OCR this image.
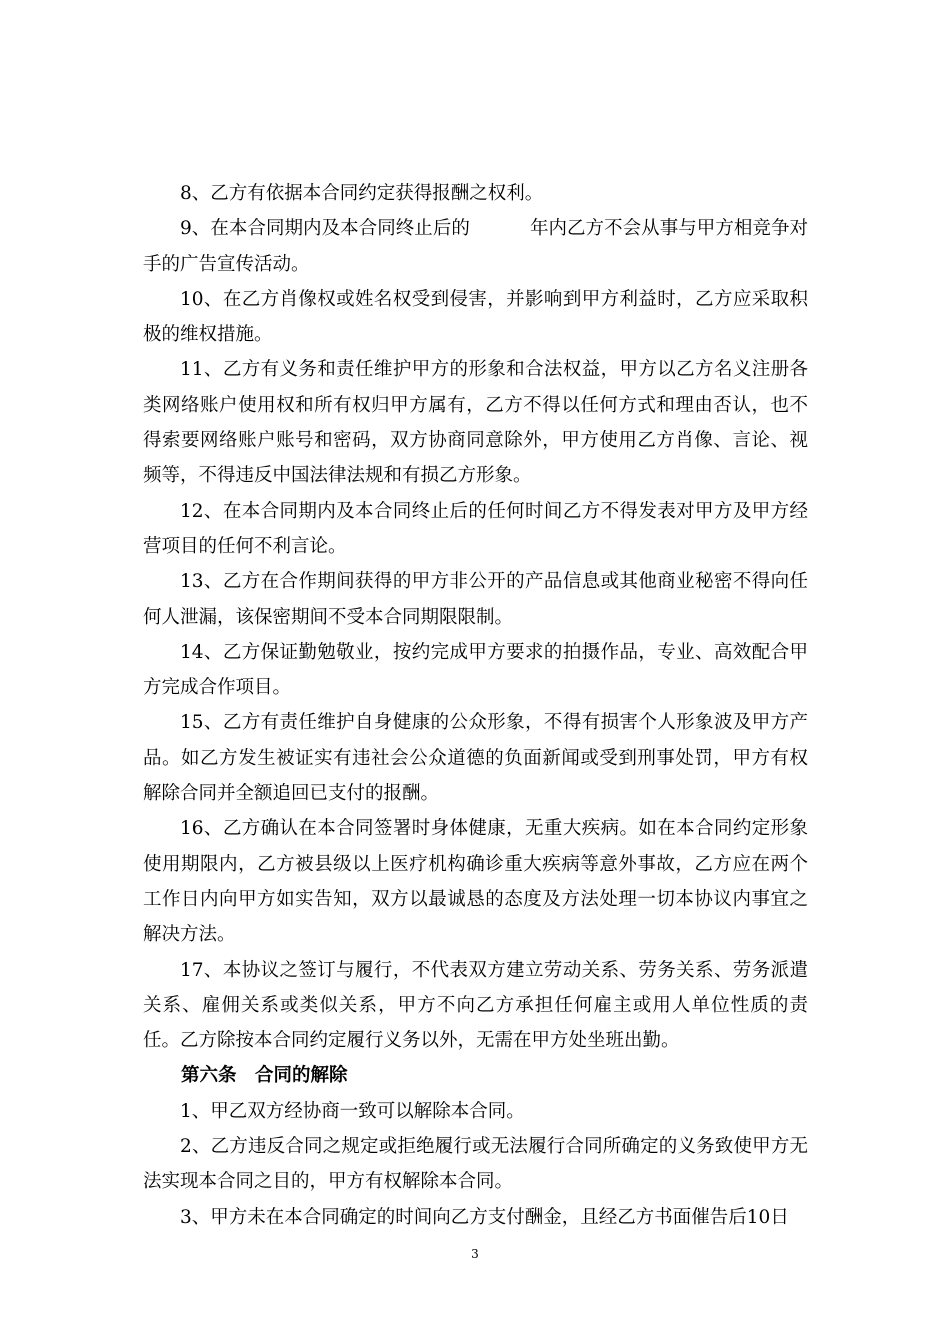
8、乙方有依据本合同约定获得报酬之权利。

9、在本合同期内及本合同终止后的	年内乙方不会从事与甲方相竞争对手的广告宣传活动。

10、在乙方肖像权或姓名权受到侵害，并影响到甲方利益时，乙方应采取积极的维权措施。

11、乙方有义务和责任维护甲方的形象和合法权益，甲方以乙方名义注册各类网络账户使用权和所有权归甲方属有，乙方不得以任何方式和理由否认，也不得索要网络账户账号和密码，双方协商同意除外，甲方使用乙方肖像、言论、视频等，不得违反中国法律法规和有损乙方形象。

12、在本合同期内及本合同终止后的任何时间乙方不得发表对甲方及甲方经营项目的任何不利言论。

13、乙方在合作期间获得的甲方非公开的产品信息或其他商业秘密不得向任何人泄漏，该保密期间不受本合同期限限制。

14、乙方保证勤勉敬业，按约完成甲方要求的拍摄作品，专业、高效配合甲方完成合作项目。

15、乙方有责任维护自身健康的公众形象，不得有损害个人形象波及甲方产品。如乙方发生被证实有违社会公众道德的负面新闻或受到刑事处罚，甲方有权解除合同并全额追回已支付的报酬。

16、乙方确认在本合同签署时身体健康，无重大疾病。如在本合同约定形象使用期限内，乙方被县级以上医疗机构确诊重大疾病等意外事故，乙方应在两个工作日内向甲方如实告知，双方以最诚恳的态度及方法处理一切本协议内事宜之解决方法。

17、本协议之签订与履行，不代表双方建立劳动关系、劳务关系、劳务派遣关系、雇佣关系或类似关系，甲方不向乙方承担任何雇主或用人单位性质的责任。乙方除按本合同约定履行义务以外，无需在甲方处坐班出勤。

第六条　合同的解除

1、甲乙双方经协商一致可以解除本合同。

2、乙方违反合同之规定或拒绝履行或无法履行合同所确定的义务致使甲方无法实现本合同之目的，甲方有权解除本合同。

3、甲方未在本合同确定的时间向乙方支付酬金，且经乙方书面催告后10日

3
